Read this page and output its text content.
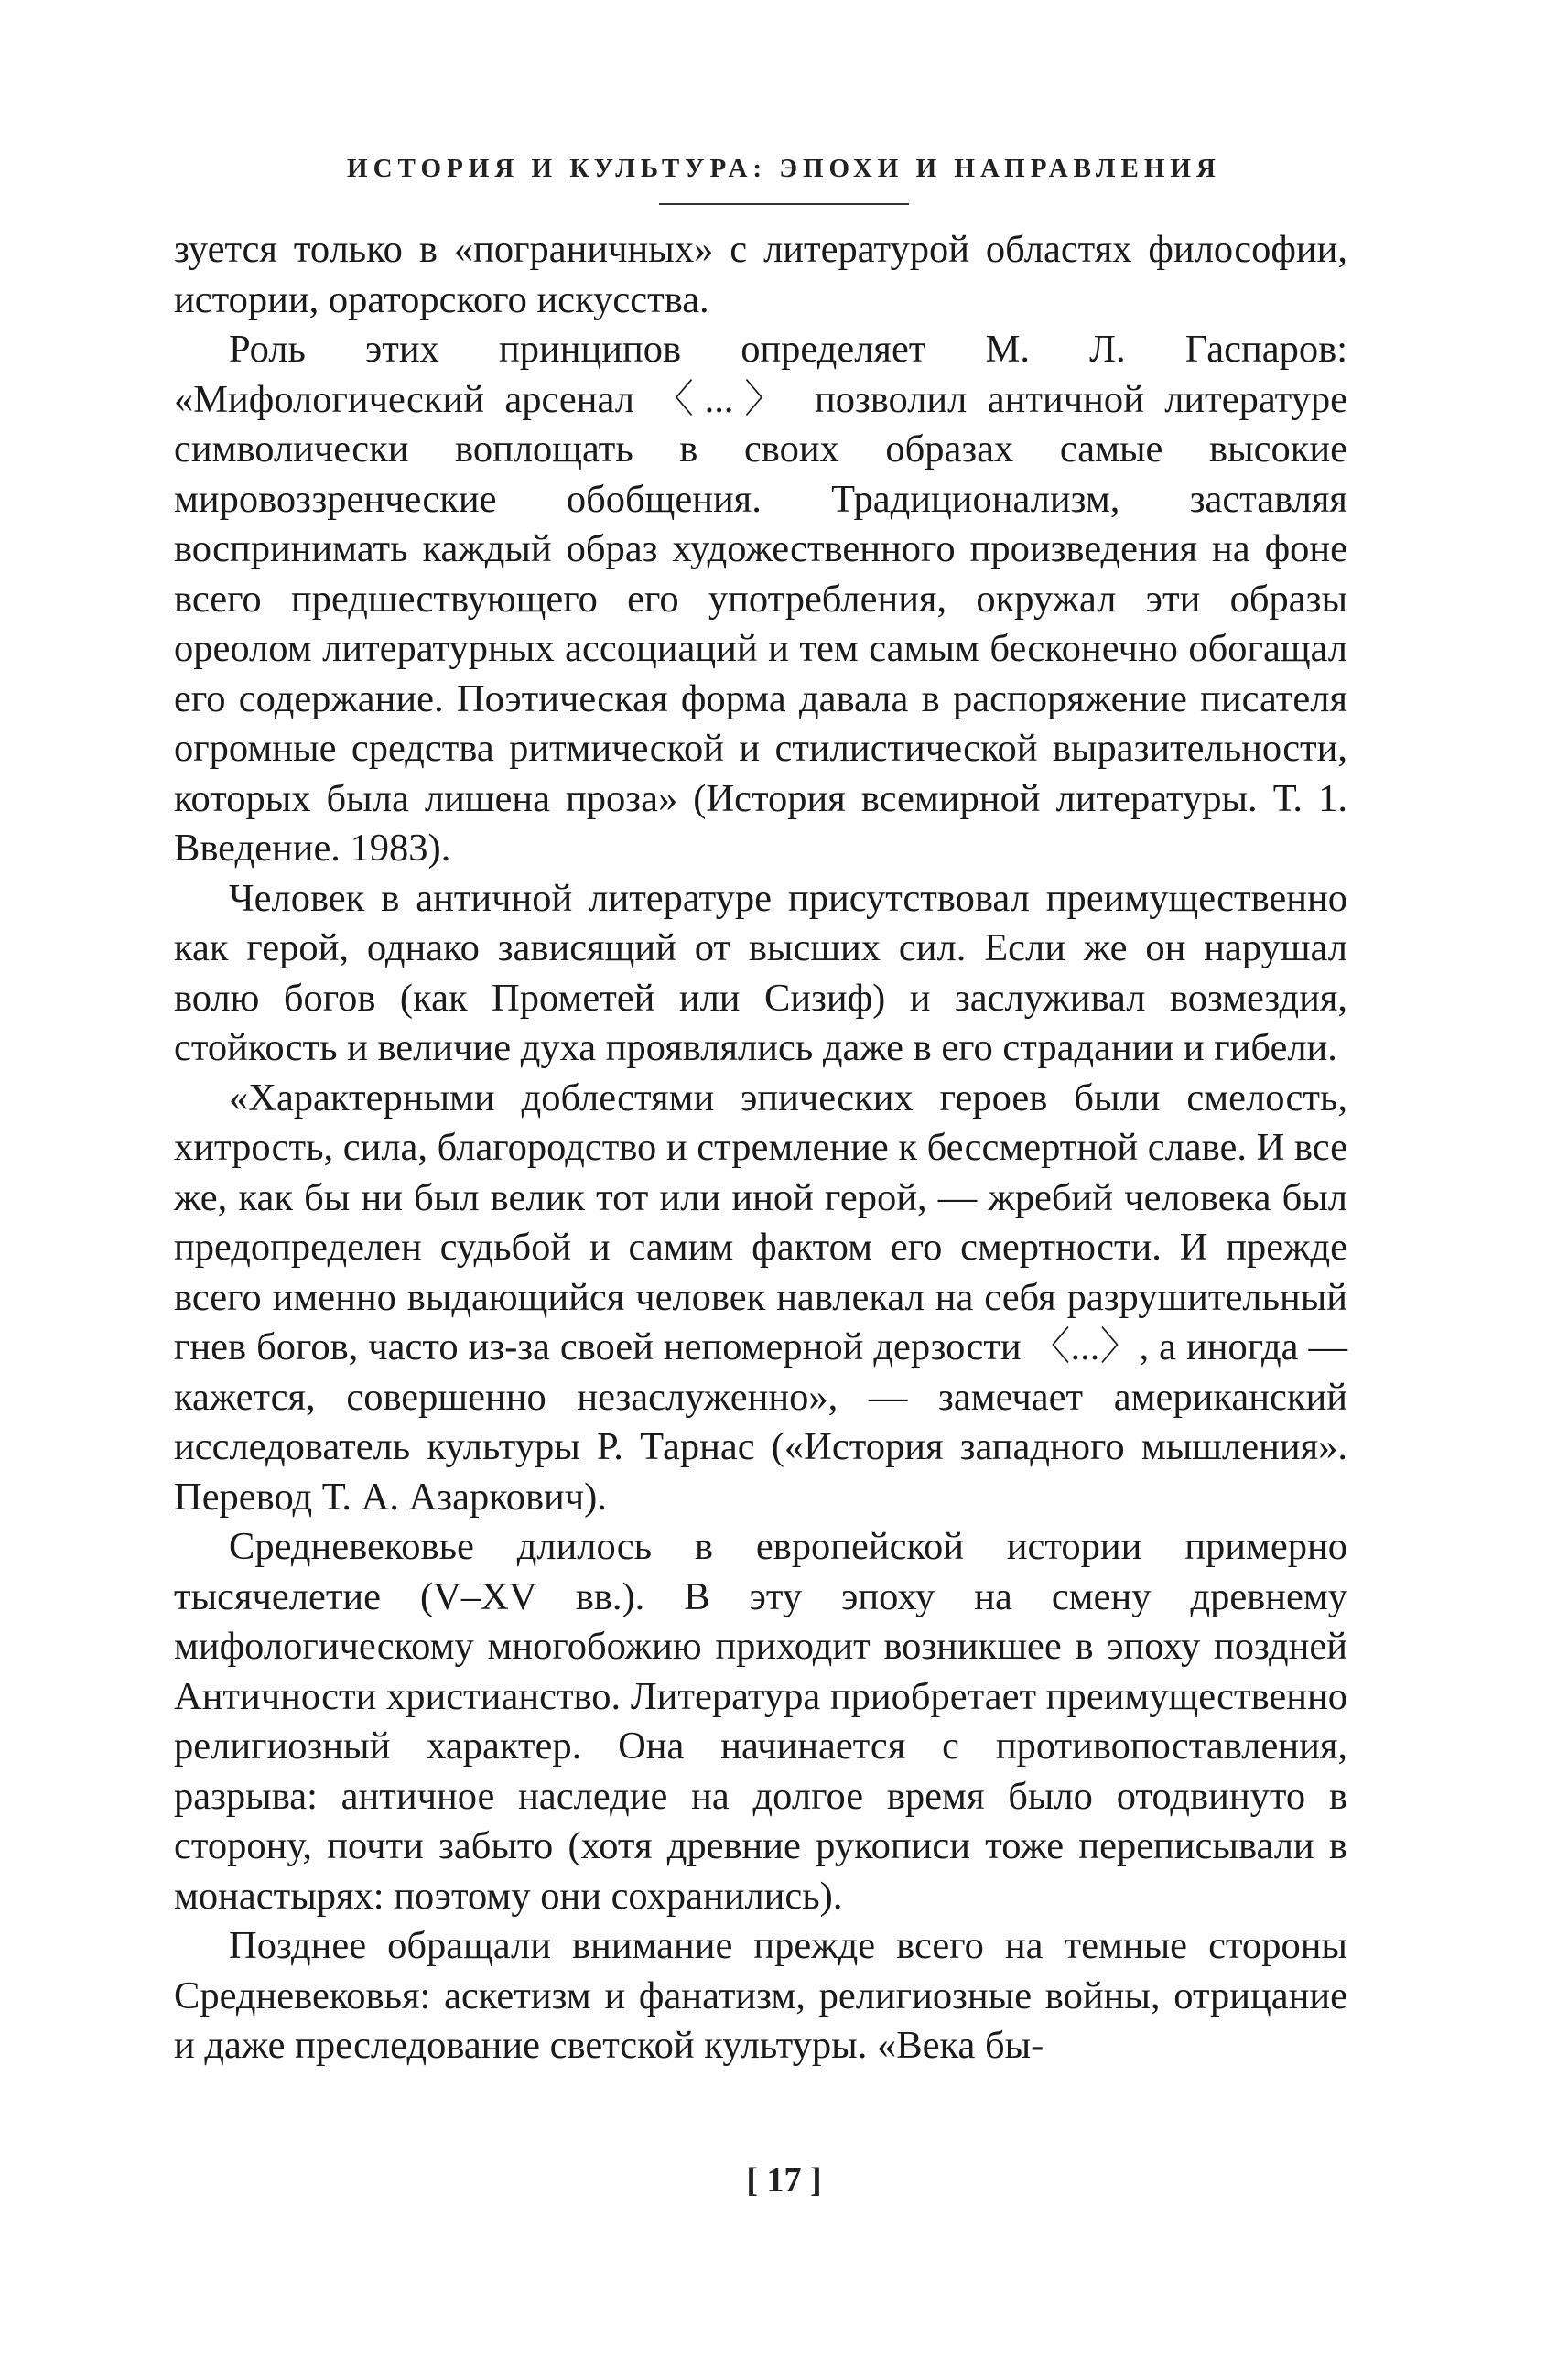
ИСТОРИЯ И КУЛЬТУРА: ЭПОХИ И НАПРАВЛЕНИЯ

зуется только в «пограничных» с литературой областях философии, истории, ораторского искусства.

Роль этих принципов определяет М. Л. Гаспаров: «Мифологический арсенал 〈...〉 позволил античной литературе символически воплощать в своих образах самые высокие мировоззренческие обобщения. Традиционализм, заставляя воспринимать каждый образ художественного произведения на фоне всего предшествующего его употребления, окружал эти образы ореолом литературных ассоциаций и тем самым бесконечно обогащал его содержание. Поэтическая форма давала в распоряжение писателя огромные средства ритмической и стилистической выразительности, которых была лишена проза» (История всемирной литературы. Т. 1. Введение. 1983).

Человек в античной литературе присутствовал преимущественно как герой, однако зависящий от высших сил. Если же он нарушал волю богов (как Прометей или Сизиф) и заслуживал возмездия, стойкость и величие духа проявлялись даже в его страдании и гибели.

«Характерными доблестями эпических героев были смелость, хитрость, сила, благородство и стремление к бессмертной славе. И все же, как бы ни был велик тот или иной герой, — жребий человека был предопределен судьбой и самим фактом его смертности. И прежде всего именно выдающийся человек навлекал на себя разрушительный гнев богов, часто из-за своей непомерной дерзости 〈...〉, а иногда — кажется, совершенно незаслуженно», — замечает американский исследователь культуры Р. Тарнас («История западного мышления». Перевод Т. А. Азаркович).

Средневековье длилось в европейской истории примерно тысячелетие (V–XV вв.). В эту эпоху на смену древнему мифологическому многобожию приходит возникшее в эпоху поздней Античности христианство. Литература приобретает преимущественно религиозный характер. Она начинается с противопоставления, разрыва: античное наследие на долгое время было отодвинуто в сторону, почти забыто (хотя древние рукописи тоже переписывали в монастырях: поэтому они сохранились).

Позднее обращали внимание прежде всего на темные стороны Средневековья: аскетизм и фанатизм, религиозные войны, отрицание и даже преследование светской культуры. «Века бы-

[ 17 ]
